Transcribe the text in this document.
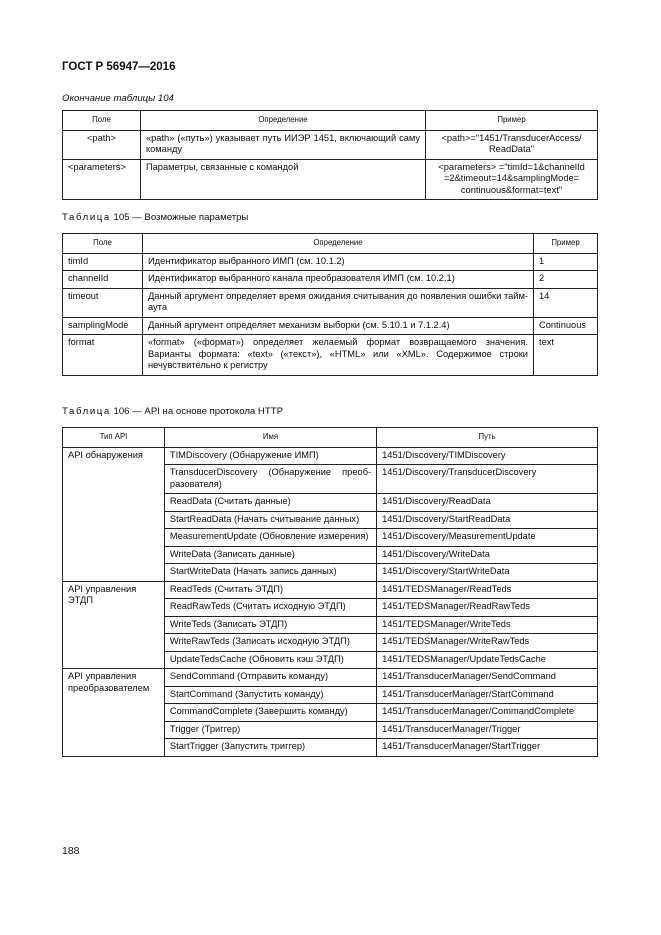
ГОСТ Р 56947—2016
Окончание таблицы 104
Поле	Определение	Пример
<path>	«path» («путь») указывает путь ИИЭР 1451, включающий саму команду	<path>="1451/TransducerAccess/ ReadData"
<parameters>	Параметры, связанные с командой	<parameters> ="timId=1&channelId =2&timeout=14&samplingMode= continuous&format=text"
Таблица 105 — Возможные параметры
Поле	Определение	Пример
timId	Идентификатор выбранного ИМП (см. 10.1.2)	1
channelId	Идентификатор выбранного канала преобразователя ИМП (см. 10.2.1)	2
timeout	Данный аргумент определяет время ожидания считывания до появления ошибки тайм-аута	14
samplingMode	Данный аргумент определяет механизм выборки (см. 5.10.1 и 7.1.2.4)	Continuous
format	«format» («формат») определяет желаемый формат возвращаемого значения. Варианты формата: «text» («текст»), «HTML» или «XML». Содержимое строки нечувствительно к регистру	text
Таблица 106 — API на основе протокола HTTP
Тип API	Имя	Путь
API обнаружения	TIMDiscovery (Обнаружение ИМП)	1451/Discovery/TIMDiscovery
	TransducerDiscovery (Обнаружение преоб-разователя)	1451/Discovery/TransducerDiscovery
	ReadData (Считать данные)	1451/Discovery/ReadData
	StartReadData (Начать считывание данных)	1451/Discovery/StartReadData
	MeasurementUpdate (Обновление измерения)	1451/Discovery/MeasurementUpdate
	WriteData (Записать данные)	1451/Discovery/WriteData
	StartWriteData (Начать запись данных)	1451/Discovery/StartWriteData
API управления ЭТДП	ReadTeds (Считать ЭТДП)	1451/TEDSManager/ReadTeds
	ReadRawTeds (Считать исходную ЭТДП)	1451/TEDSManager/ReadRawTeds
	WriteTeds (Записать ЭТДП)	1451/TEDSManager/WriteTeds
	WriteRawTeds (Записать исходную ЭТДП)	1451/TEDSManager/WriteRawTeds
	UpdateTedsCache (Обновить кэш ЭТДП)	1451/TEDSManager/UpdateTedsCache
API управления преобразователем	SendCommand (Отправить команду)	1451/TransducerManager/SendCommand
	StartCommand (Запустить команду)	1451/TransducerManager/StartCommand
	CommandComplete (Завершить команду)	1451/TransducerManager/CommandComplete
	Trigger (Триггер)	1451/TransducerManager/Trigger
	StartTrigger (Запустить триггер)	1451/TransducerManager/StartTrigger
188
